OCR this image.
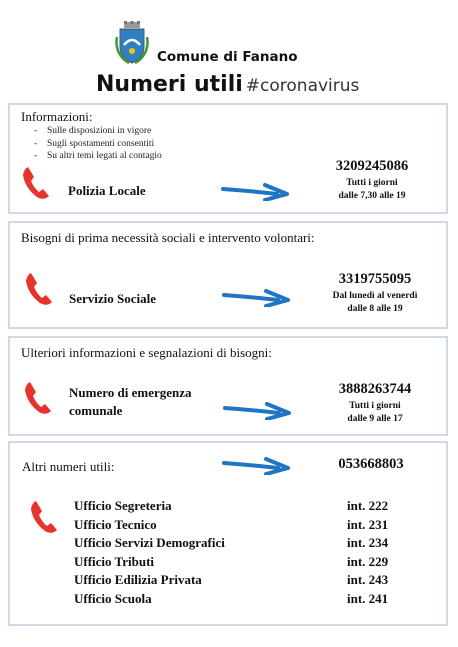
Comune di Fanano
Numeri utili #coronavirus
Informazioni:
- Sulle disposizioni in vigore
- Sugli spostamenti consentiti
- Su altri temi legati al contagio
Polizia Locale
3209245086
Tutti i giorni
dalle 7,30 alle 19
Bisogni di prima necessità sociali e intervento volontari:
Servizio Sociale
3319755095
Dal lunedì al venerdì
dalle 8 alle 19
Ulteriori informazioni e segnalazioni di bisogni:
Numero di emergenza
comunale
3888263744
Tutti i giorni
dalle 9 alle 17
Altri numeri utili:	053668803
Ufficio Segreteria	int. 222
Ufficio Tecnico	int. 231
Ufficio Servizi Demografici	int. 234
Ufficio Tributi	int. 229
Ufficio Edilizia Privata	int. 243
Ufficio Scuola	int. 241
